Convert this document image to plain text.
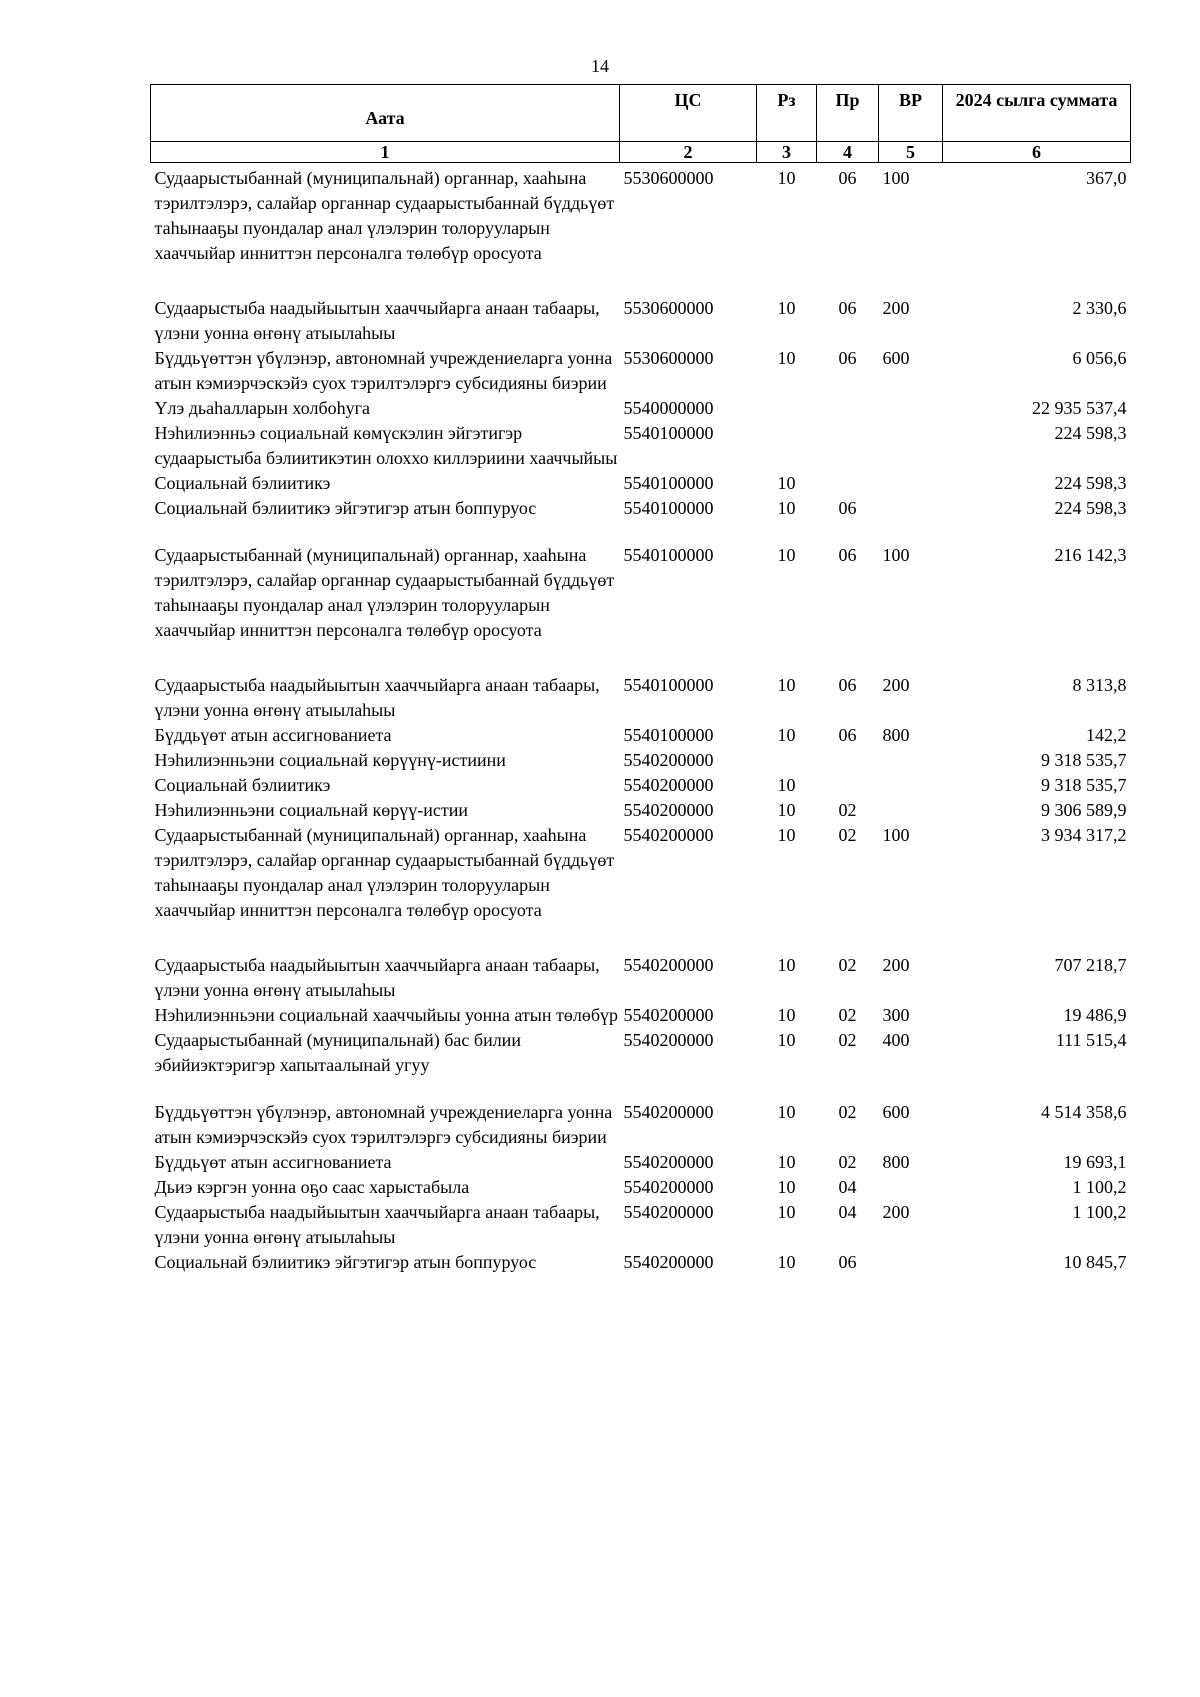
14
Аата	ЦС	Рз	Пр	ВР	2024 сылга суммата
1	2	3	4	5	6
Судаарыстыбаннай (муниципальнай) органнар, хааһына тэрилтэлэрэ, салайар органнар судаарыстыбаннай бүддьүөт таһынааҕы пуондалар анал үлэлэрин толорууларын хааччыйар инниттэн персоналга төлөбүр оросуота	5530600000	10	06	100	367,0
Судаарыстыба наадыйыытын хааччыйарга анаан табаары, үлэни уонна өҥөнү атыылаһыы	5530600000	10	06	200	2 330,6
Бүддьүөттэн үбүлэнэр, автономнай учреждениеларга уонна атын кэмиэрчэскэйэ суох тэрилтэлэргэ субсидияны биэрии	5530600000	10	06	600	6 056,6
Үлэ дьаһалларын холбоһуга	5540000000				22 935 537,4
Нэһилиэнньэ социальнай көмүскэлин эйгэтигэр судаарыстыба бэлиитикэтин олоххо киллэриини хааччыйыы	5540100000				224 598,3
Социальнай бэлиитикэ	5540100000	10			224 598,3
Социальнай бэлиитикэ эйгэтигэр атын боппуруос	5540100000	10	06		224 598,3
Судаарыстыбаннай (муниципальнай) органнар, хааһына тэрилтэлэрэ, салайар органнар судаарыстыбаннай бүддьүөт таһынааҕы пуондалар анал үлэлэрин толорууларын хааччыйар инниттэн персоналга төлөбүр оросуота	5540100000	10	06	100	216 142,3
Судаарыстыба наадыйыытын хааччыйарга анаан табаары, үлэни уонна өҥөнү атыылаһыы	5540100000	10	06	200	8 313,8
Бүддьүөт атын ассигнованиета	5540100000	10	06	800	142,2
Нэһилиэнньэни социальнай көрүүнү-истиини	5540200000				9 318 535,7
Социальнай бэлиитикэ	5540200000	10			9 318 535,7
Нэһилиэнньэни социальнай көрүү-истии	5540200000	10	02		9 306 589,9
Судаарыстыбаннай (муниципальнай) органнар, хааһына тэрилтэлэрэ, салайар органнар судаарыстыбаннай бүддьүөт таһынааҕы пуондалар анал үлэлэрин толорууларын хааччыйар инниттэн персоналга төлөбүр оросуота	5540200000	10	02	100	3 934 317,2
Судаарыстыба наадыйыытын хааччыйарга анаан табаары, үлэни уонна өҥөнү атыылаһыы	5540200000	10	02	200	707 218,7
Нэһилиэнньэни социальнай хааччыйыы уонна атын төлөбүр	5540200000	10	02	300	19 486,9
Судаарыстыбаннай (муниципальнай) бас билии эбийиэктэригэр хапытаалынай угуу	5540200000	10	02	400	111 515,4
Бүддьүөттэн үбүлэнэр, автономнай учреждениеларга уонна атын кэмиэрчэскэйэ суох тэрилтэлэргэ субсидияны биэрии	5540200000	10	02	600	4 514 358,6
Бүддьүөт атын ассигнованиета	5540200000	10	02	800	19 693,1
Дьиэ кэргэн уонна оҕо саас харыстабыла	5540200000	10	04		1 100,2
Судаарыстыба наадыйыытын хааччыйарга анаан табаары, үлэни уонна өҥөнү атыылаһыы	5540200000	10	04	200	1 100,2
Социальнай бэлиитикэ эйгэтигэр атын боппуруос	5540200000	10	06		10 845,7
